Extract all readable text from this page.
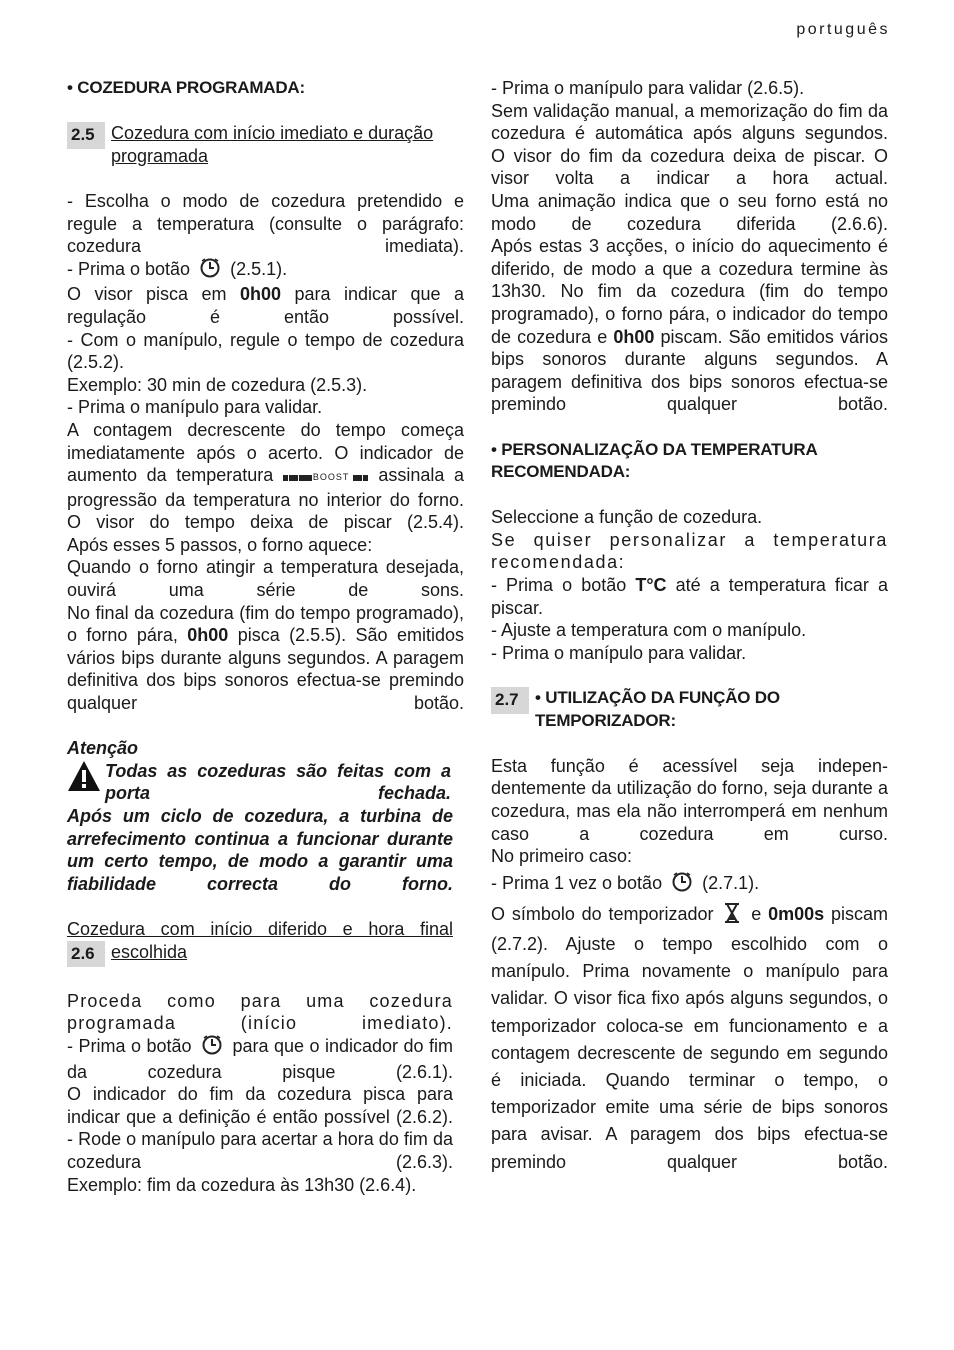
português

• COZEDURA PROGRAMADA:

2.5 Cozedura com início imediato e duração
programada

- Escolha o modo de cozedura pretendido e regule a temperatura (consulte o parágrafo: cozedura imediata).

- Prima o botão (2.5.1).

O visor pisca em 0h00 para indicar que a regulação é então possível.

- Com o manípulo, regule o tempo de cozedura (2.5.2).

Exemplo: 30 min de cozedura (2.5.3).

- Prima o manípulo para validar.

A contagem decrescente do tempo começa imediatamente após o acerto. O indicador de aumento da temperatura	BOOST assinala a progressão da temperatura no interior do forno. O visor do tempo deixa de piscar (2.5.4).

Após esses 5 passos, o forno aquece:

Quando o forno atingir a temperatura desejada, ouvirá uma série de sons.

No final da cozedura (fim do tempo programado), o forno pára, 0h00 pisca (2.5.5). São emitidos vários bips durante alguns segundos. A paragem definitiva dos bips sonoros efectua-se premindo qualquer botão.

Atenção

Todas as cozeduras são feitas com a porta fechada.

Após um ciclo de cozedura, a turbina de arrefecimento continua a funcionar durante um certo tempo, de modo a garantir uma fiabilidade correcta do forno.

Cozedura com início diferido e hora final
2.6 escolhida

Proceda como para uma cozedura programada (início imediato).

- Prima o botão para que o indicador do fim da cozedura pisque (2.6.1).

O indicador do fim da cozedura pisca para indicar que a definição é então possível (2.6.2).

- Rode o manípulo para acertar a hora do fim da cozedura (2.6.3).

Exemplo: fim da cozedura às 13h30 (2.6.4).

- Prima o manípulo para validar (2.6.5).

Sem validação manual, a memorização do fim da cozedura é automática após alguns segundos.

O visor do fim da cozedura deixa de piscar. O visor volta a indicar a hora actual.

Uma animação indica que o seu forno está no modo de cozedura diferida (2.6.6).

Após estas 3 acções, o início do aquecimento é diferido, de modo a que a cozedura termine às 13h30. No fim da cozedura (fim do tempo programado), o forno pára, o indicador do tempo de cozedura e 0h00 piscam. São emitidos vários bips sonoros durante alguns segundos. A paragem definitiva dos bips sonoros efectua-se premindo qualquer botão.

• PERSONALIZAÇÃO DA TEMPERATURA

RECOMENDADA:

Seleccione a função de cozedura.

Se quiser personalizar a temperatura recomendada:

- Prima o botão T°C até a temperatura ficar a piscar.

- Ajuste a temperatura com o manípulo.

- Prima o manípulo para validar.

2.7 • UTILIZAÇÃO DA FUNÇÃO DO
TEMPORIZADOR:

Esta função é acessível seja indepen-dentemente da utilização do forno, seja durante a cozedura, mas ela não interromperá em nenhum caso a cozedura em curso.

No primeiro caso:

- Prima 1 vez o botão (2.7.1).

O símbolo do temporizador e 0m00s piscam (2.7.2). Ajuste o tempo escolhido com o manípulo. Prima novamente o manípulo para validar. O visor fica fixo após alguns segundos, o temporizador coloca-se em funcionamento e a contagem decrescente de segundo em segundo é iniciada. Quando terminar o tempo, o temporizador emite uma série de bips sonoros para avisar. A paragem dos bips efectua-se premindo qualquer botão.
